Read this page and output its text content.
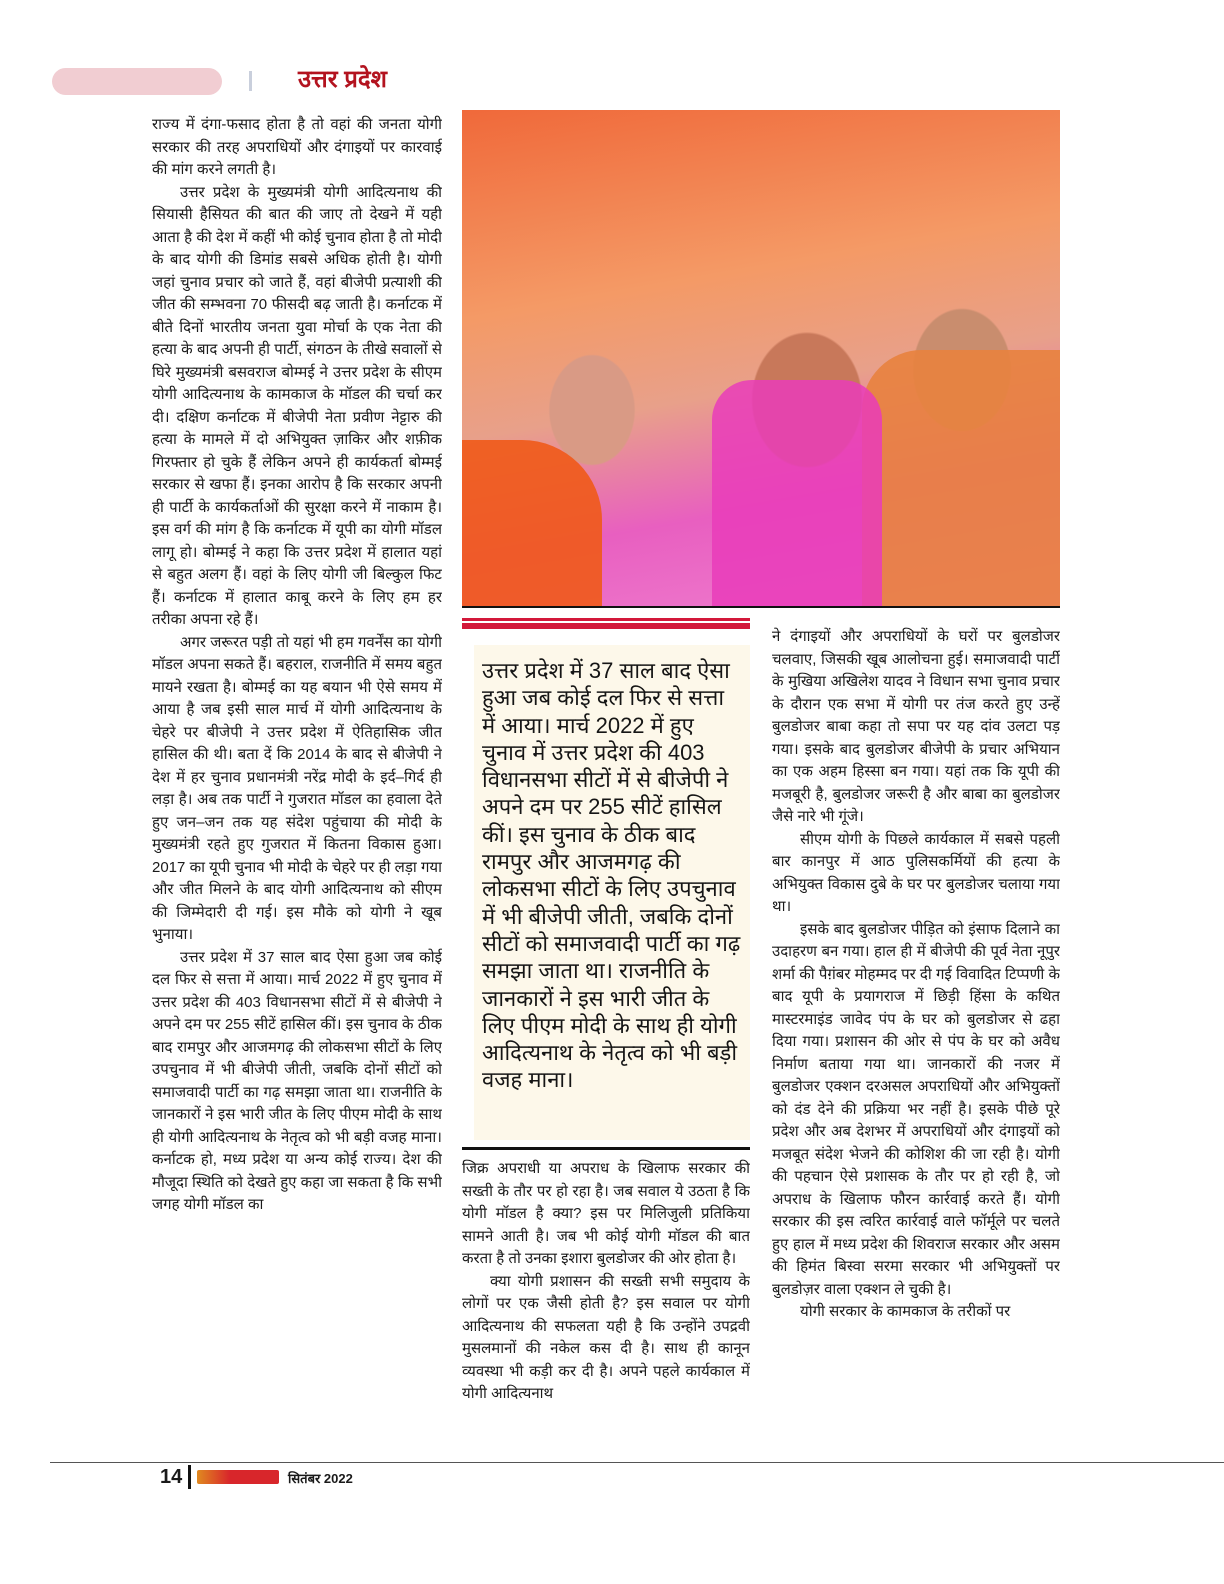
उत्तर प्रदेश

राज्य में दंगा-फसाद होता है तो वहां की जनता योगी सरकार की तरह अपराधियों और दंगाइयों पर कारवाई की मांग करने लगती है।

उत्तर प्रदेश के मुख्यमंत्री योगी आदित्यनाथ की सियासी हैसियत की बात की जाए तो देखने में यही आता है की देश में कहीं भी कोई चुनाव होता है तो मोदी के बाद योगी की डिमांड सबसे अधिक होती है। योगी जहां चुनाव प्रचार को जाते हैं, वहां बीजेपी प्रत्याशी की जीत की सम्भवना 70 फीसदी बढ़ जाती है। कर्नाटक में बीते दिनों भारतीय जनता युवा मोर्चा के एक नेता की हत्या के बाद अपनी ही पार्टी, संगठन के तीखे सवालों से घिरे मुख्यमंत्री बसवराज बोम्मई ने उत्तर प्रदेश के सीएम योगी आदित्यनाथ के कामकाज के मॉडल की चर्चा कर दी। दक्षिण कर्नाटक में बीजेपी नेता प्रवीण नेट्टारु की हत्या के मामले में दो अभियुक्त ज़ाकिर और शफ़ीक गिरफ्तार हो चुके हैं लेकिन अपने ही कार्यकर्ता बोम्मई सरकार से खफा हैं। इनका आरोप है कि सरकार अपनी ही पार्टी के कार्यकर्ताओं की सुरक्षा करने में नाकाम है। इस वर्ग की मांग है कि कर्नाटक में यूपी का योगी मॉडल लागू हो। बोम्मई ने कहा कि उत्तर प्रदेश में हालात यहां से बहुत अलग हैं। वहां के लिए योगी जी बिल्कुल फिट हैं। कर्नाटक में हालात काबू करने के लिए हम हर तरीका अपना रहे हैं।

अगर जरूरत पड़ी तो यहां भी हम गवर्नेंस का योगी मॉडल अपना सकते हैं। बहराल, राजनीति में समय बहुत मायने रखता है। बोम्मई का यह बयान भी ऐसे समय में आया है जब इसी साल मार्च में योगी आदित्यनाथ के चेहरे पर बीजेपी ने उत्तर प्रदेश में ऐतिहासिक जीत हासिल की थी। बता दें कि 2014 के बाद से बीजेपी ने देश में हर चुनाव प्रधानमंत्री नरेंद्र मोदी के इर्द–गिर्द ही लड़ा है। अब तक पार्टी ने गुजरात मॉडल का हवाला देते हुए जन–जन तक यह संदेश पहुंचाया की मोदी के मुख्यमंत्री रहते हुए गुजरात में कितना विकास हुआ। 2017 का यूपी चुनाव भी मोदी के चेहरे पर ही लड़ा गया और जीत मिलने के बाद योगी आदित्यनाथ को सीएम की जिम्मेदारी दी गई। इस मौके को योगी ने खूब भुनाया।

उत्तर प्रदेश में 37 साल बाद ऐसा हुआ जब कोई दल फिर से सत्ता में आया। मार्च 2022 में हुए चुनाव में उत्तर प्रदेश की 403 विधानसभा सीटों में से बीजेपी ने अपने दम पर 255 सीटें हासिल कीं। इस चुनाव के ठीक बाद रामपुर और आजमगढ़ की लोकसभा सीटों के लिए उपचुनाव में भी बीजेपी जीती, जबकि दोनों सीटों को समाजवादी पार्टी का गढ़ समझा जाता था। राजनीति के जानकारों ने इस भारी जीत के लिए पीएम मोदी के साथ ही योगी आदित्यनाथ के नेतृत्व को भी बड़ी वजह माना। कर्नाटक हो, मध्य प्रदेश या अन्य कोई राज्य। देश की मौजूदा स्थिति को देखते हुए कहा जा सकता है कि सभी जगह योगी मॉडल का

उत्तर प्रदेश में 37 साल बाद ऐसा हुआ जब कोई दल फिर से सत्ता में आया। मार्च 2022 में हुए चुनाव में उत्तर प्रदेश की 403 विधानसभा सीटों में से बीजेपी ने अपने दम पर 255 सीटें हासिल कीं। इस चुनाव के ठीक बाद रामपुर और आजमगढ़ की लोकसभा सीटों के लिए उपचुनाव में भी बीजेपी जीती, जबकि दोनों सीटों को समाजवादी पार्टी का गढ़ समझा जाता था। राजनीति के जानकारों ने इस भारी जीत के लिए पीएम मोदी के साथ ही योगी आदित्यनाथ के नेतृत्व को भी बड़ी वजह माना।

जिक्र अपराधी या अपराध के खिलाफ सरकार की सख्ती के तौर पर हो रहा है। जब सवाल ये उठता है कि योगी मॉडल है क्या? इस पर मिलिजुली प्रतिकिया सामने आती है। जब भी कोई योगी मॉडल की बात करता है तो उनका इशारा बुलडोजर की ओर होता है।

क्या योगी प्रशासन की सख्ती सभी समुदाय के लोगों पर एक जैसी होती है? इस सवाल पर योगी आदित्यनाथ की सफलता यही है कि उन्होंने उपद्रवी मुसलमानों की नकेल कस दी है। साथ ही कानून व्यवस्था भी कड़ी कर दी है। अपने पहले कार्यकाल में योगी आदित्यनाथ

ने दंगाइयों और अपराधियों के घरों पर बुलडोजर चलवाए, जिसकी खूब आलोचना हुई। समाजवादी पार्टी के मुखिया अखिलेश यादव ने विधान सभा चुनाव प्रचार के दौरान एक सभा में योगी पर तंज करते हुए उन्हें बुलडोजर बाबा कहा तो सपा पर यह दांव उलटा पड़ गया। इसके बाद बुलडोजर बीजेपी के प्रचार अभियान का एक अहम हिस्सा बन गया। यहां तक कि यूपी की मजबूरी है, बुलडोजर जरूरी है और बाबा का बुलडोजर जैसे नारे भी गूंजे।

सीएम योगी के पिछले कार्यकाल में सबसे पहली बार कानपुर में आठ पुलिसकर्मियों की हत्या के अभियुक्त विकास दुबे के घर पर बुलडोजर चलाया गया था।

इसके बाद बुलडोजर पीड़ित को इंसाफ दिलाने का उदाहरण बन गया। हाल ही में बीजेपी की पूर्व नेता नूपुर शर्मा की पैग़ंबर मोहम्मद पर दी गई विवादित टिप्पणी के बाद यूपी के प्रयागराज में छिड़ी हिंसा के कथित मास्टरमाइंड जावेद पंप के घर को बुलडोजर से ढहा दिया गया। प्रशासन की ओर से पंप के घर को अवैध निर्माण बताया गया था। जानकारों की नजर में बुलडोजर एक्शन दरअसल अपराधियों और अभियुक्तों को दंड देने की प्रक्रिया भर नहीं है। इसके पीछे पूरे प्रदेश और अब देशभर में अपराधियों और दंगाइयों को मजबूत संदेश भेजने की कोशिश की जा रही है। योगी की पहचान ऐसे प्रशासक के तौर पर हो रही है, जो अपराध के खिलाफ फौरन कार्रवाई करते हैं। योगी सरकार की इस त्वरित कार्रवाई वाले फॉर्मूले पर चलते हुए हाल में मध्य प्रदेश की शिवराज सरकार और असम की हिमंत बिस्वा सरमा सरकार भी अभियुक्तों पर बुलडोज़र वाला एक्शन ले चुकी है।

योगी सरकार के कामकाज के तरीकों पर

14	सितंबर 2022
